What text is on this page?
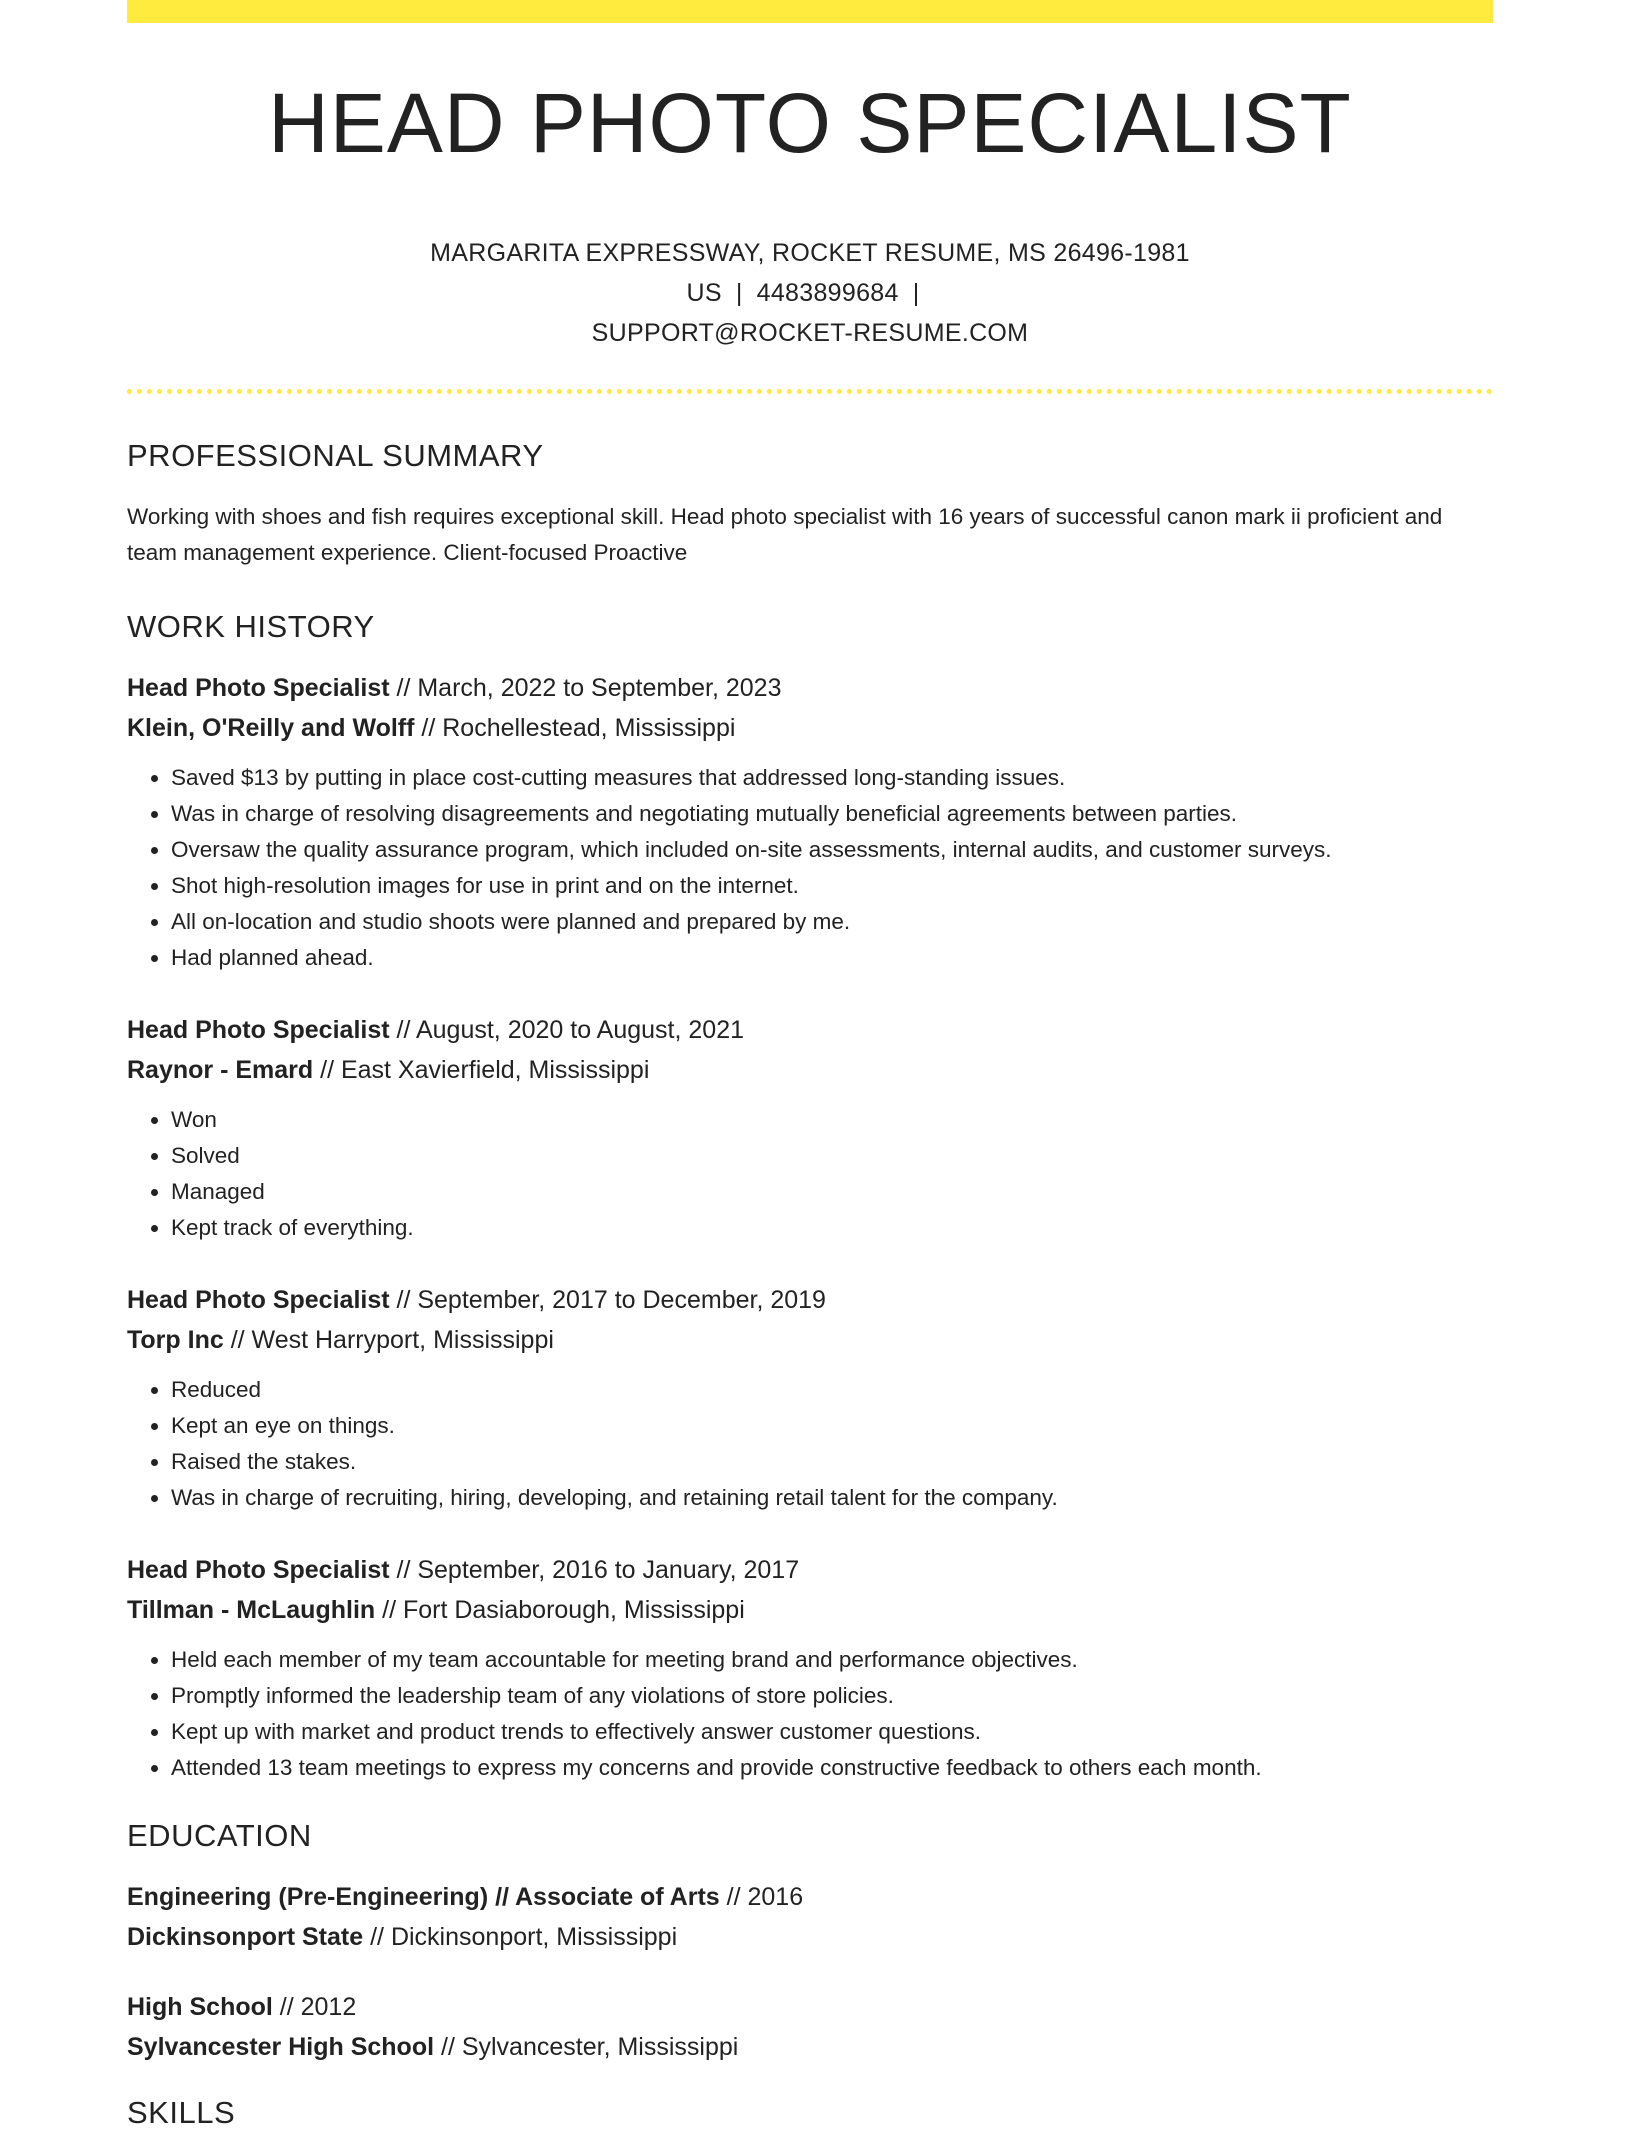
HEAD PHOTO SPECIALIST
MARGARITA EXPRESSWAY, ROCKET RESUME, MS 26496-1981 US | 4483899684 |
SUPPORT@ROCKET-RESUME.COM
PROFESSIONAL SUMMARY
Working with shoes and fish requires exceptional skill. Head photo specialist with 16 years of successful canon mark ii proficient and team management experience. Client-focused Proactive
WORK HISTORY
Head Photo Specialist // March, 2022 to September, 2023
Klein, O'Reilly and Wolff // Rochellestead, Mississippi
• Saved $13 by putting in place cost-cutting measures that addressed long-standing issues.
• Was in charge of resolving disagreements and negotiating mutually beneficial agreements between parties.
• Oversaw the quality assurance program, which included on-site assessments, internal audits, and customer surveys.
• Shot high-resolution images for use in print and on the internet.
• All on-location and studio shoots were planned and prepared by me.
• Had planned ahead.
Head Photo Specialist // August, 2020 to August, 2021
Raynor - Emard // East Xavierfield, Mississippi
• Won
• Solved
• Managed
• Kept track of everything.
Head Photo Specialist // September, 2017 to December, 2019
Torp Inc // West Harryport, Mississippi
• Reduced
• Kept an eye on things.
• Raised the stakes.
• Was in charge of recruiting, hiring, developing, and retaining retail talent for the company.
Head Photo Specialist // September, 2016 to January, 2017
Tillman - McLaughlin // Fort Dasiaborough, Mississippi
• Held each member of my team accountable for meeting brand and performance objectives.
• Promptly informed the leadership team of any violations of store policies.
• Kept up with market and product trends to effectively answer customer questions.
• Attended 13 team meetings to express my concerns and provide constructive feedback to others each month.
EDUCATION
Engineering (Pre-Engineering) // Associate of Arts // 2016
Dickinsonport State // Dickinsonport, Mississippi
High School // 2012
Sylvancester High School // Sylvancester, Mississippi
SKILLS
